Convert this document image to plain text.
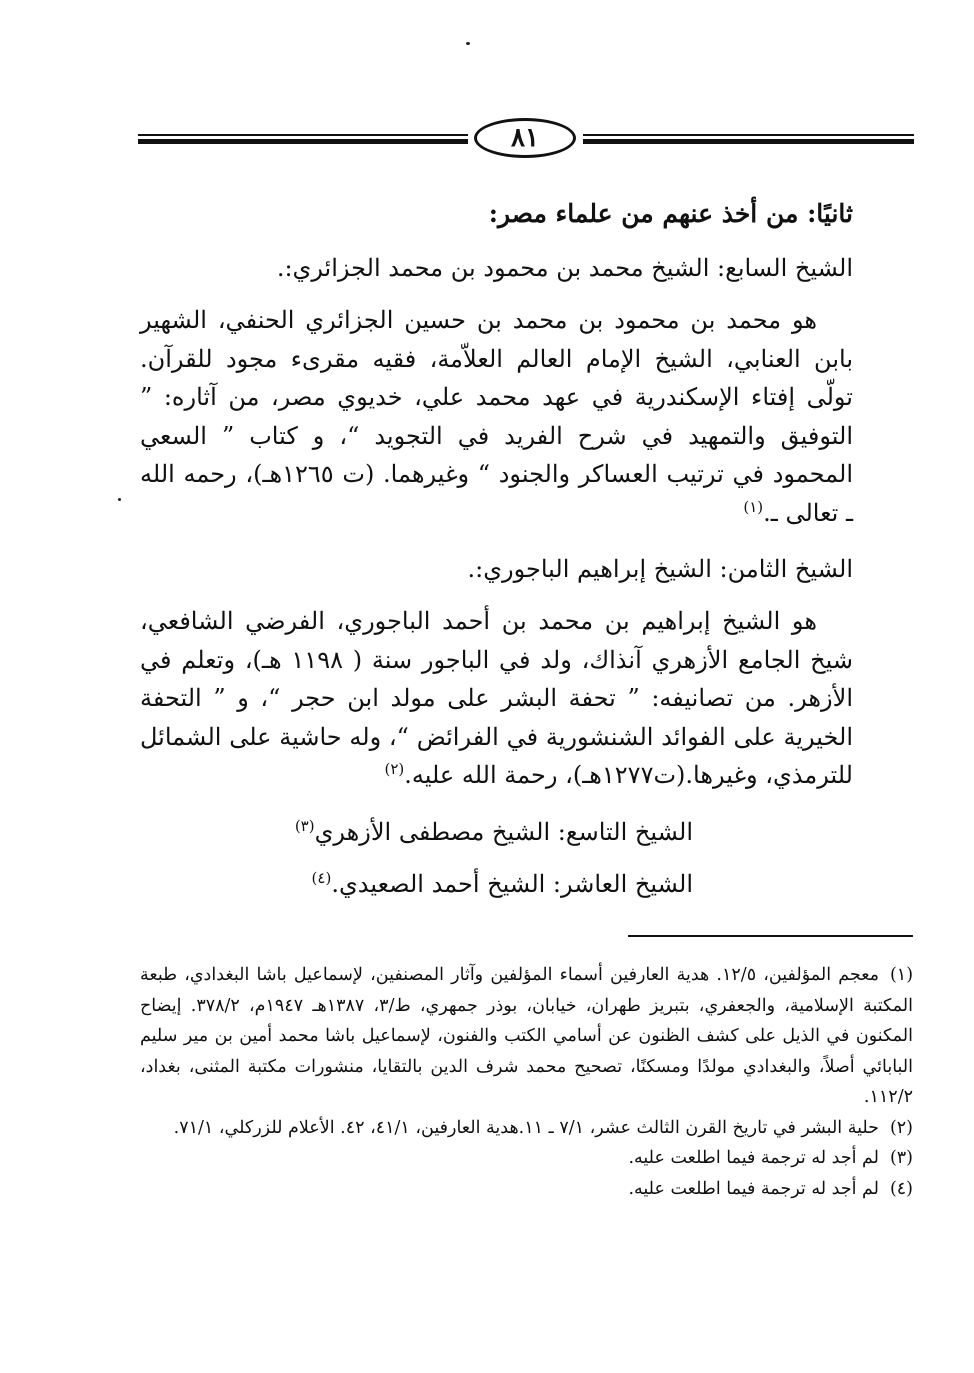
٨١

ثانيًا: من أخذ عنهم من علماء مصر:

الشيخ السابع: الشيخ محمد بن محمود بن محمد الجزائري:.

هو محمد بن محمود بن محمد بن حسين الجزائري الحنفي، الشهير بابن العنابي، الشيخ الإمام العالم العلاّمة، فقيه مقرىء مجود للقرآن. تولّى إفتاء الإسكندرية في عهد محمد علي، خديوي مصر، من آثاره: ” التوفيق والتمهيد في شرح الفريد في التجويد “، و كتاب ” السعي المحمود في ترتيب العساكر والجنود “ وغيرهما. (ت ١٢٦٥هـ)، رحمه الله ـ تعالى ـ.$^{(١)}$

الشيخ الثامن: الشيخ إبراهيم الباجوري:.

هو الشيخ إبراهيم بن محمد بن أحمد الباجوري، الفرضي الشافعي، شيخ الجامع الأزهري آنذاك، ولد في الباجور سنة ( ١١٩٨ هـ)، وتعلم في الأزهر. من تصانيفه: ” تحفة البشر على مولد ابن حجر “، و ” التحفة الخيرية على الفوائد الشنشورية في الفرائض “، وله حاشية على الشمائل للترمذي، وغيرها.(ت١٢٧٧هـ)، رحمة الله عليه.$^{(٢)}$

الشيخ التاسع: الشيخ مصطفى الأزهري$^{(٣)}$

الشيخ العاشر: الشيخ أحمد الصعيدي.$^{(٤)}$

(١)معجم المؤلفين، ١٢/٥. هدية العارفين أسماء المؤلفين وآثار المصنفين، لإسماعيل باشا البغدادي، طبعة المكتبة الإسلامية، والجعفري، بتبريز طهران، خيابان، بوذر جمهري، ط/٣، ١٣٨٧هـ ١٩٤٧م، ٣٧٨/٢. إيضاح المكنون في الذيل على كشف الظنون عن أسامي الكتب والفنون، لإسماعيل باشا محمد أمين بن مير سليم البابائي أصلاً، والبغدادي مولدًا ومسكنًا، تصحيح محمد شرف الدين بالتقايا، منشورات مكتبة المثنى، بغداد، ١١٢/٢.

(٢)حلية البشر في تاريخ القرن الثالث عشر، ٧/١ ـ ١١.هدية العارفين، ٤١/١، ٤٢. الأعلام للزركلي، ٧١/١.

(٣)لم أجد له ترجمة فيما اطلعت عليه.

(٤)لم أجد له ترجمة فيما اطلعت عليه.
